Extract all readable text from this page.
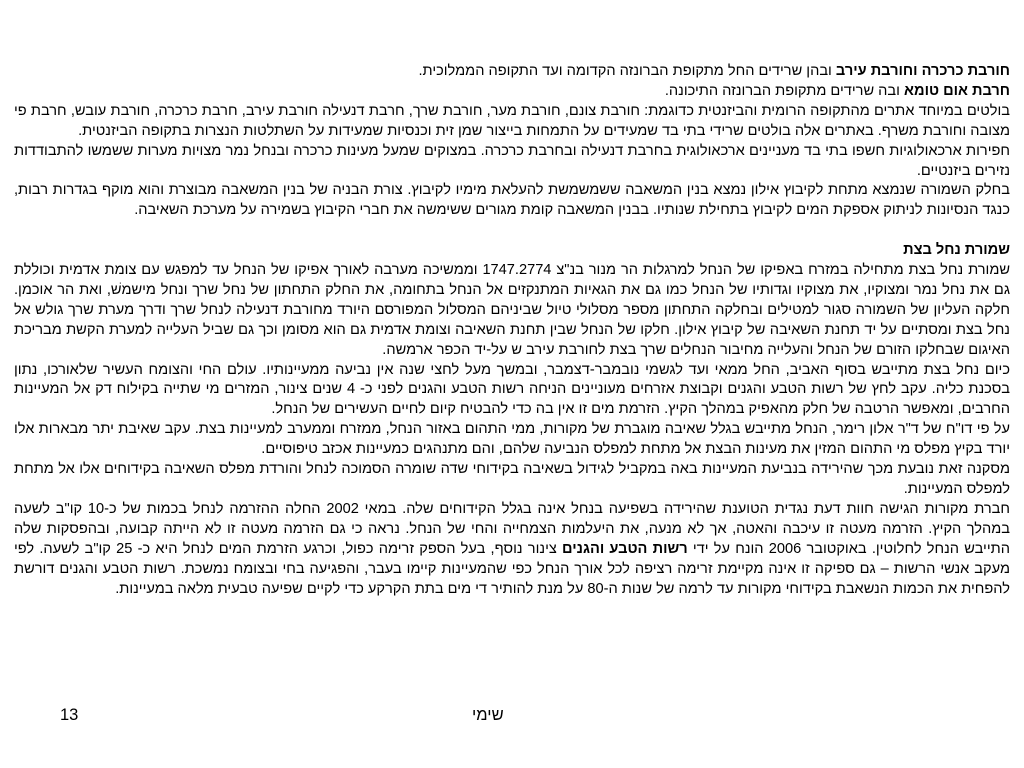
חורבת כרכרה וחורבת עירב ובהן שרידים החל מתקופת הברונזה הקדומה ועד התקופה הממלוכית.

חרבת אום טומא ובה שרידים מתקופת הברונזה התיכונה.

בולטים במיוחד אתרים מהתקופה הרומית והביזנטית כדוגמת: חורבת צונם, חורבת מער, חורבת שרך, חרבת דנעילה חורבת עירב, חרבת כרכרה, חורבת עובש, חרבת פי מצובה וחורבת משרף. באתרים אלה בולטים שרידי בתי בד שמעידים על התמחות בייצור שמן זית וכנסיות שמעידות על השתלטות הנצרות בתקופה הביזנטית.

חפירות ארכאולוגיות חשפו בתי בד מעניינים ארכאולוגית בחרבת דנעילה ובחרבת כרכרה. במצוקים שמעל מעינות כרכרה ובנחל נמר מצויות מערות ששמשו להתבודדות נזירים ביזנטיים.

בחלק השמורה שנמצא מתחת לקיבוץ אילון נמצא בנין המשאבה ששמשמשת להעלאת מימיו לקיבוץ. צורת הבניה של בנין המשאבה מבוצרת והוא מוקף בגדרות רבות, כנגד הנסיונות לניתוק אספקת המים לקיבוץ בתחילת שנותיו. בבנין המשאבה קומת מגורים ששימשה את חברי הקיבוץ בשמירה על מערכת השאיבה.

שמורת נחל בצת

שמורת נחל בצת מתחילה במזרח באפיקו של הנחל למרגלות הר מנור בנ"צ 1747.2774 וממשיכה מערבה לאורך אפיקו של הנחל עד למפגש עם צומת אדמית וכוללת גם את נחל נמר ומצוקיו, את מצוקיו וגדותיו של הנחל כמו גם את הגאיות המתנקזים אל הנחל בתחומה, את החלק התחתון של נחל שרך ונחל מישמשׁ, ואת הר אוכמן. חלקה העליון של השמורה סגור למטילים ובחלקה התחתון מספר מסלולי טיול שביניהם המסלול המפורסם היורד מחורבת דנעילה לנחל שרך ודרך מערת שרך גולש אל נחל בצת ומסתיים על יד תחנת השאיבה של קיבוץ אילון. חלקו של הנחל שבין תחנת השאיבה וצומת אדמית גם הוא מסומן וכך גם שביל העלייה למערת הקשת מבריכת האיגום שבחלקו הזורם של הנחל והעלייה מחיבור הנחלים שרך בצת לחורבת עירב ש על-יד הכפר ארמשה.

כיום נחל בצת מתייבש בסוף האביב, החל ממאי ועד לגשמי נובמבר-דצמבר, ובמשך מעל לחצי שנה אין נביעה ממעיינותיו. עולם החי והצומח העשיר שלאורכו, נתון בסכנת כליה. עקב לחץ של רשות הטבע והגנים וקבוצת אזרחים מעוניינים הניחה רשות הטבע והגנים לפני כ- 4 שנים צינור, המזרים מי שתייה בקילוח דק אל המעיינות החרבים, ומאפשר הרטבה של חלק מהאפיק במהלך הקיץ. הזרמת מים זו אין בה כדי להבטיח קיום לחיים העשירים של הנחל.

על פי דו"ח של ד"ר אלון רימר, הנחל מתייבש בגלל שאיבה מוגברת של מקורות, ממי התהום באזור הנחל, ממזרח וממערב למעיינות בצת. עקב שאיבת יתר מבארות אלו יורד בקיץ מפלס מי התהום המזין את מעינות הבצת אל מתחת למפלס הנביעה שלהם, והם מתנהגים כמעיינות אכזב טיפוסיים.

מסקנה זאת נובעת מכך שהירידה בנביעת המעיינות באה במקביל לגידול בשאיבה בקידוחי שדה שומרה הסמוכה לנחל והורדת מפלס השאיבה בקידוחים אלו אל מתחת למפלס המעיינות.

חברת מקורות הגישה חוות דעת נגדית הטוענת שהירידה בשפיעה בנחל אינה בגלל הקידוחים שלה. במאי 2002 החלה ההזרמה לנחל בכמות של כ-10 קו"ב לשעה במהלך הקיץ. הזרמה מעטה זו עיכבה והאטה, אך לא מנעה, את היעלמות הצמחייה והחי של הנחל. נראה כי גם הזרמה מעטה זו לא הייתה קבועה, ובהפסקות שלה התייבש הנחל לחלוטין. באוקטובר 2006 הונח על ידי רשות הטבע והגנים צינור נוסף, בעל הספק זרימה כפול, וכרגע הזרמת המים לנחל היא כ- 25 קו"ב לשעה. לפי מעקב אנשי הרשות – גם ספיקה זו אינה מקיימת זרימה רציפה לכל אורך הנחל כפי שהמעיינות קיימו בעבר, והפגיעה בחי ובצומח נמשכת. רשות הטבע והגנים דורשת להפחית את הכמות הנשאבת בקידוחי מקורות עד לרמה של שנות ה-80 על מנת להותיר די מים בתת הקרקע כדי לקיים שפיעה טבעית מלאה במעיינות.

שימי
13
